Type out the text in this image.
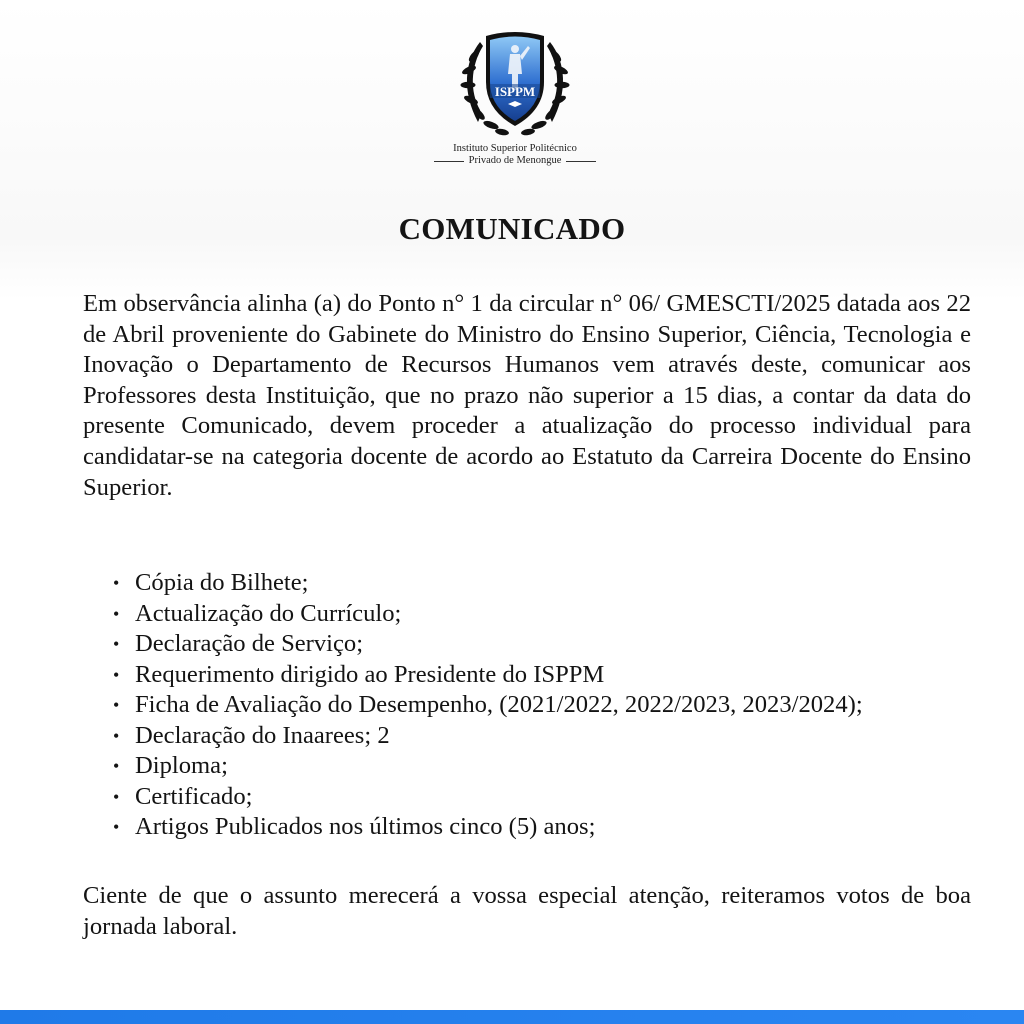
ISPPM
Instituto Superior Politécnico
Privado de Menongue
COMUNICADO

Em observância alinha (a) do Ponto n° 1 da circular n° 06/ GMESCTI/2025 datada aos 22 de Abril proveniente do Gabinete do Ministro do Ensino Superior, Ciência, Tecnologia e Inovação o Departamento de Recursos Humanos vem através deste, comunicar aos Professores desta Instituição, que no prazo não superior a 15 dias, a contar da data do presente Comunicado, devem proceder a atualização do processo individual para candidatar-se na categoria docente de acordo ao Estatuto da Carreira Docente do Ensino Superior.

• Cópia do Bilhete;
• Actualização do Currículo;
• Declaração de Serviço;
• Requerimento dirigido ao Presidente do ISPPM
• Ficha de Avaliação do Desempenho, (2021/2022, 2022/2023, 2023/2024);
• Declaração do Inaarees; 2
• Diploma;
• Certificado;
• Artigos Publicados nos últimos cinco (5) anos;

Ciente de que o assunto merecerá a vossa especial atenção, reiteramos votos de boa jornada laboral.
